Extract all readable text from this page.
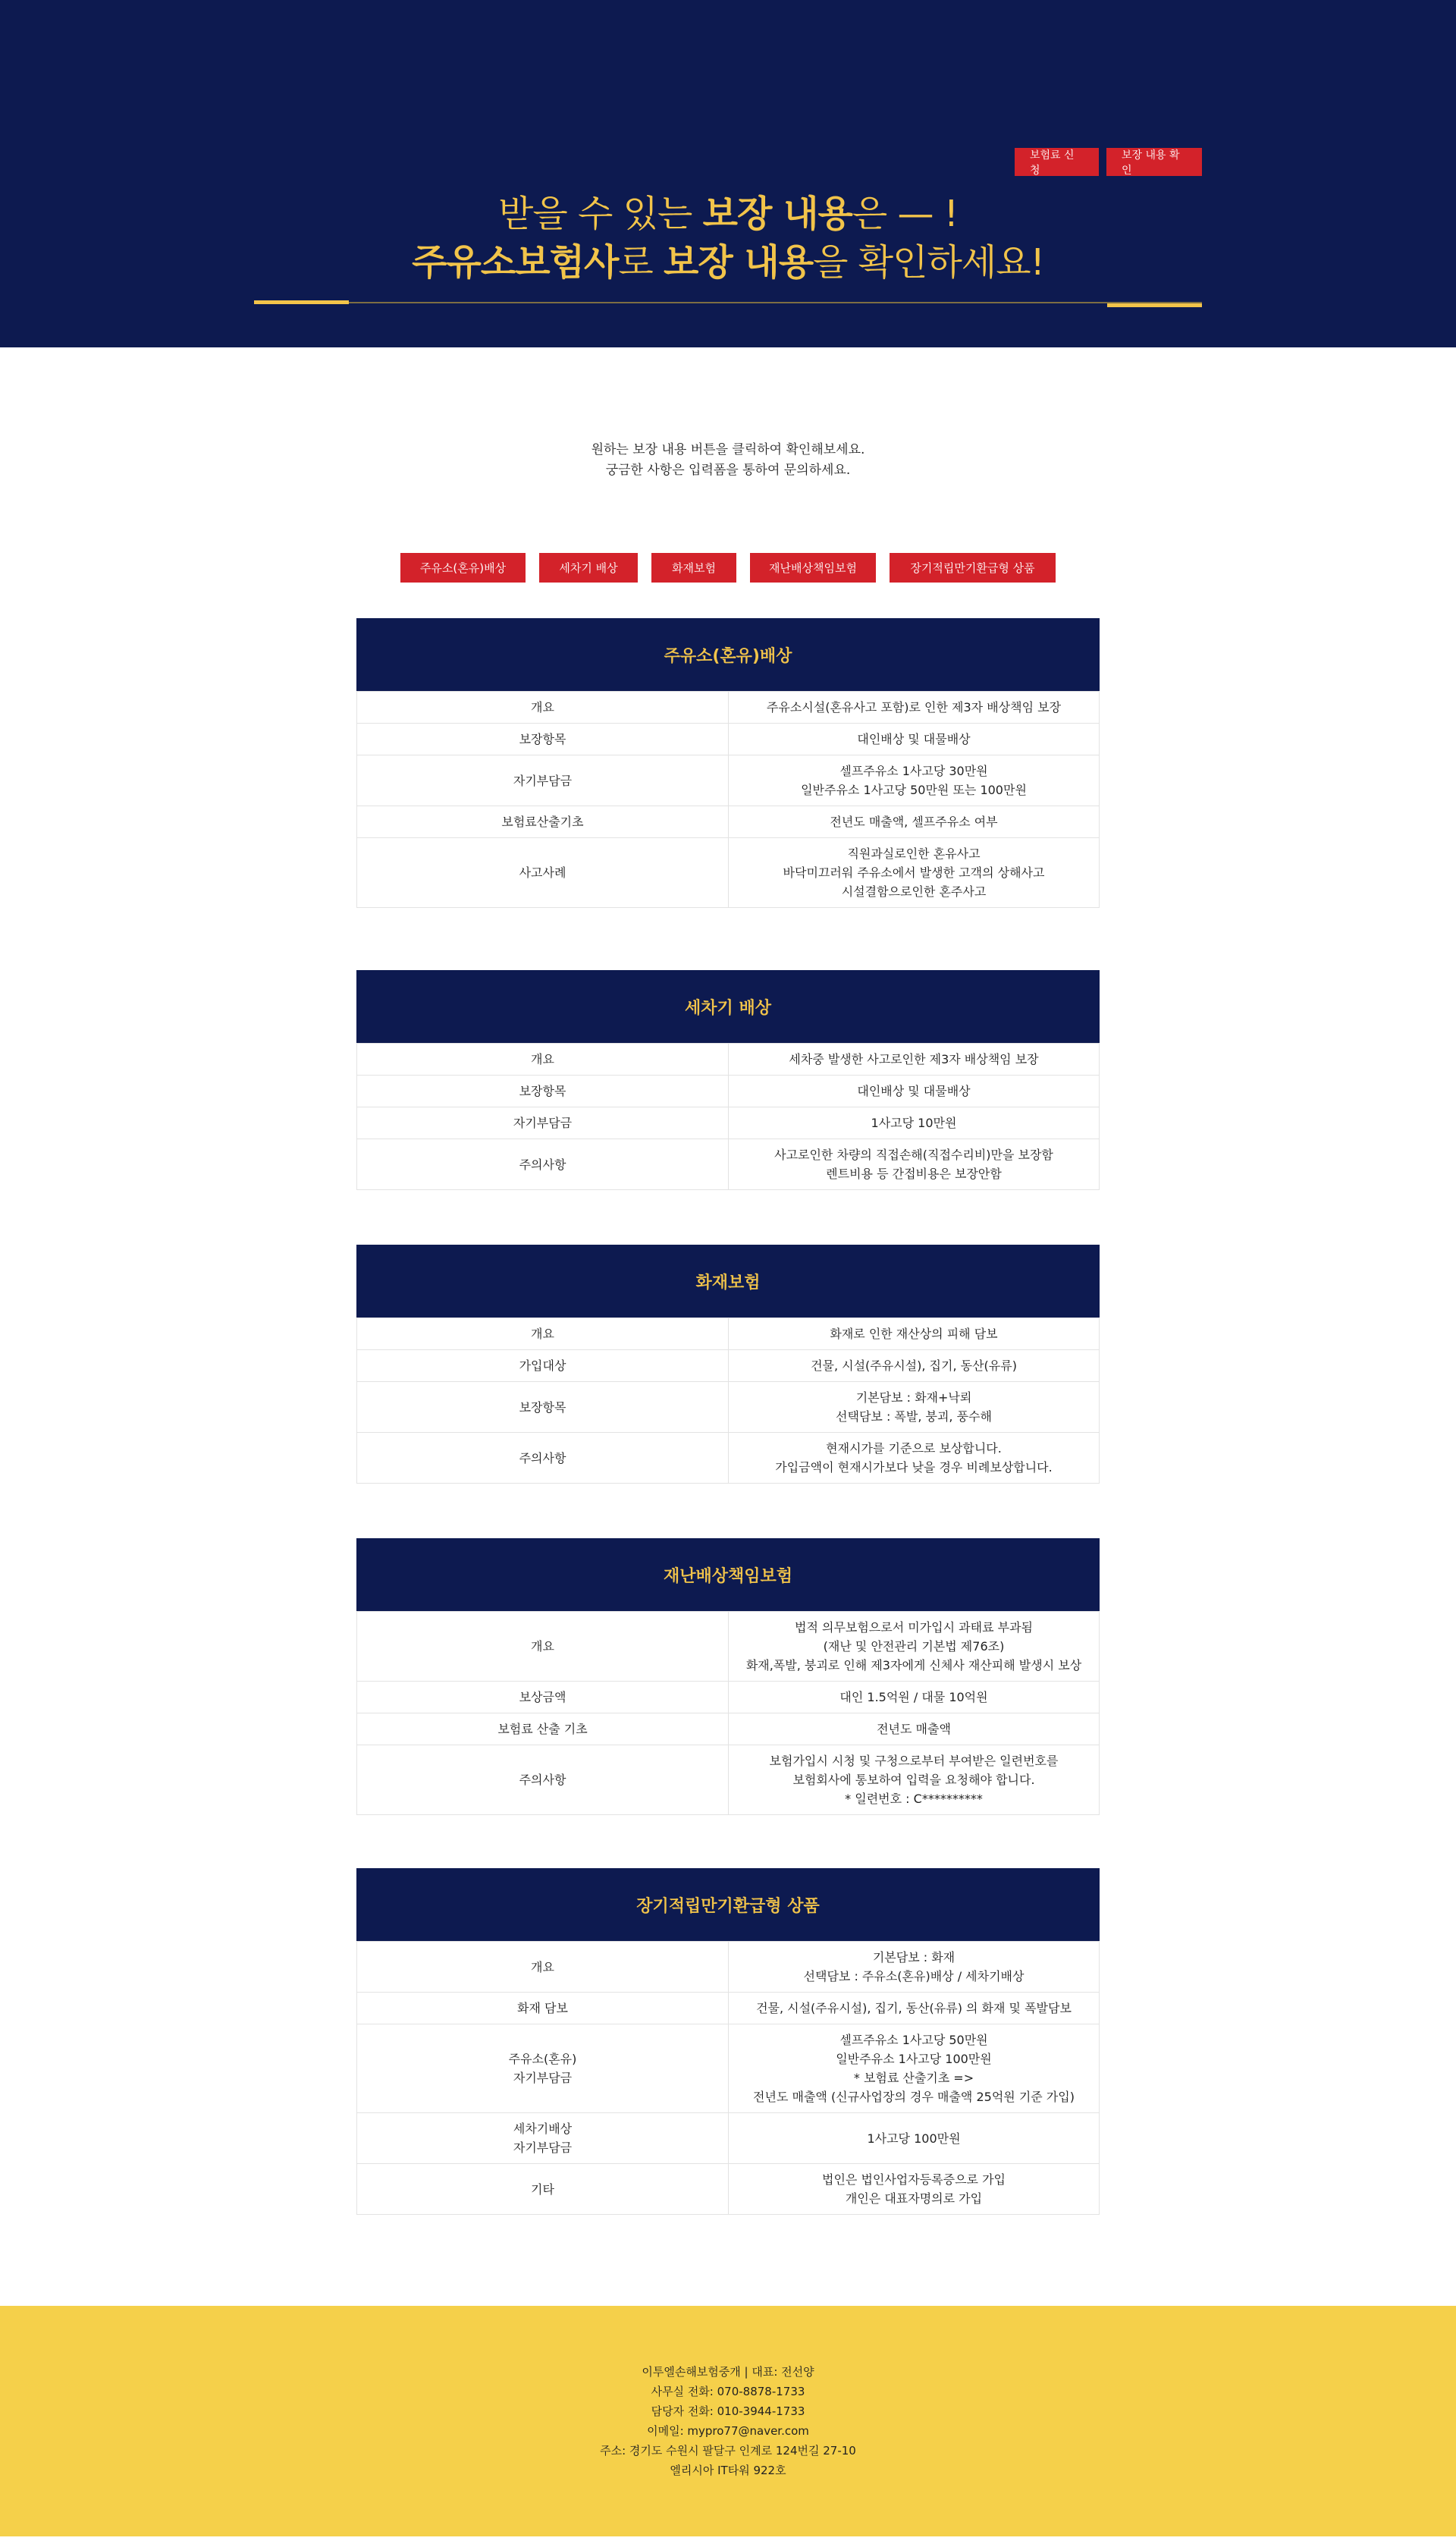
보험료 신청
보장 내용 확인
받을 수 있는 보장 내용은 — !
주유소보험사로 보장 내용을 확인하세요!
원하는 보장 내용 버튼을 클릭하여 확인해보세요.
궁금한 사항은 입력폼을 통하여 문의하세요.
주유소(혼유)배상	세차기 배상	화재보험	재난배상책임보험	장기적립만기환급형 상품
주유소(혼유)배상
개요	주유소시설(혼유사고 포함)로 인한 제3자 배상책임 보장

보장항목	대인배상 및 대물배상

자기부담금	셀프주유소 1사고당 30만원
일반주유소 1사고당 50만원 또는 100만원

보험료산출기초	전년도 매출액, 셀프주유소 여부

사고사례	직원과실로인한 혼유사고
바닥미끄러워 주유소에서 발생한 고객의 상해사고
시설결함으로인한 혼주사고
세차기 배상
개요	세차중 발생한 사고로인한 제3자 배상책임 보장

보장항목	대인배상 및 대물배상

자기부담금	1사고당 10만원

주의사항	사고로인한 차량의 직접손해(직접수리비)만을 보장함
렌트비용 등 간접비용은 보장안함
화재보험
개요	화재로 인한 재산상의 피해 담보

가입대상	건물, 시설(주유시설), 집기, 동산(유류)

보장항목	기본담보 : 화재+낙뢰
선택담보 : 폭발, 붕괴, 풍수해

주의사항	현재시가를 기준으로 보상합니다.
가입금액이 현재시가보다 낮을 경우 비례보상합니다.
재난배상책임보험
개요	법적 의무보험으로서 미가입시 과태료 부과됨
(재난 및 안전관리 기본법 제76조)
화재,폭발, 붕괴로 인해 제3자에게 신체사 재산피해 발생시 보상

보상금액	대인 1.5억원 / 대물 10억원

보험료 산출 기초	전년도 매출액

주의사항	보험가입시 시청 및 구청으로부터 부여받은 일련번호를
보험회사에 통보하여 입력을 요청해야 합니다.
* 일련번호 : C**********
장기적립만기환급형 상품
개요	기본담보 : 화재
선택담보 : 주유소(혼유)배상 / 세차기배상

화재 담보	건물, 시설(주유시설), 집기, 동산(유류) 의 화재 및 폭발담보

주유소(혼유)
자기부담금	셀프주유소 1사고당 50만원
일반주유소 1사고당 100만원
* 보험료 산출기초 =>
전년도 매출액 (신규사업장의 경우 매출액 25억원 기준 가입)

세차기배상
자기부담금	1사고당 100만원

기타	법인은 법인사업자등록증으로 가입
개인은 대표자명의로 가입
이투엘손해보험중개 | 대표: 전선양
사무실 전화: 070-8878-1733
담당자 전화: 010-3944-1733
이메일: mypro77@naver.com
주소: 경기도 수원시 팔달구 인계로 124번길 27-10
엘리시아 IT타워 922호
